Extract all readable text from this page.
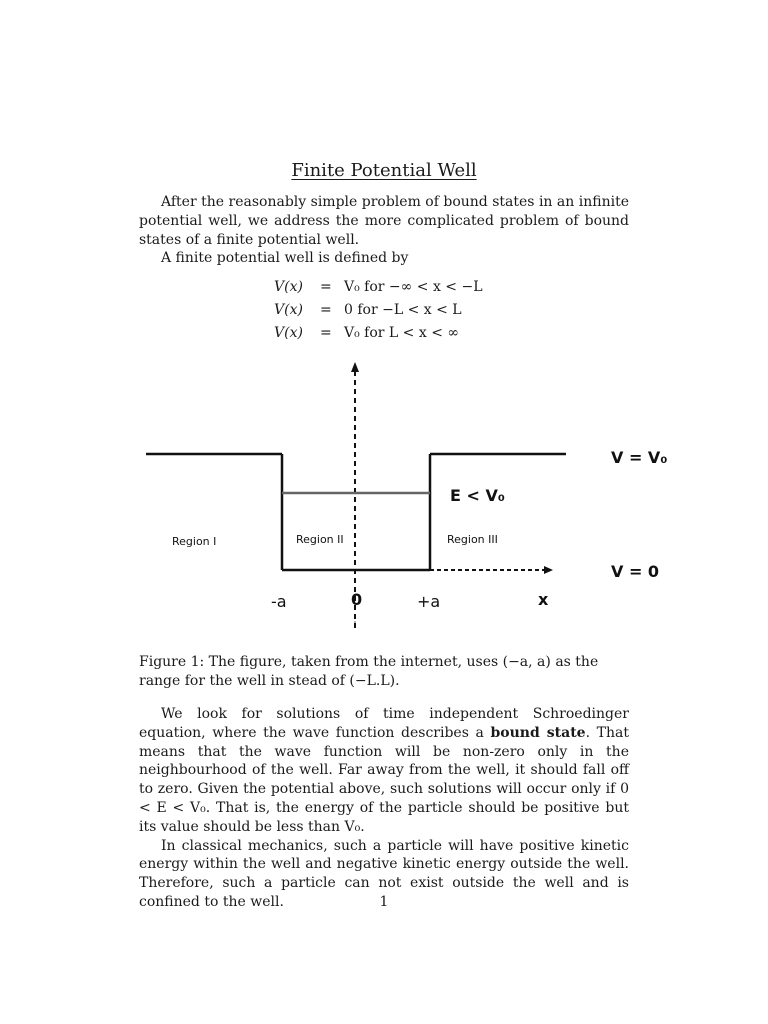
Finite Potential Well

After the reasonably simple problem of bound states in an infinite potential well, we address the more complicated problem of bound states of a finite potential well.

A finite potential well is defined by

V(x) = V₀ for −∞ < x < −L
V(x) = 0 for −L < x < L
V(x) = V₀ for L < x < ∞
V = V₀
E < V₀
V = 0
Region I	Region II	Region III
-a	0	+a	x

Figure 1: The figure, taken from the internet, uses (−a, a) as the range for the well in stead of (−L.L).

We look for solutions of time independent Schroedinger equation, where the wave function describes a bound state. That means that the wave function will be non-zero only in the neighbourhood of the well. Far away from the well, it should fall off to zero. Given the potential above, such solutions will occur only if 0 < E < V₀. That is, the energy of the particle should be positive but its value should be less than V₀.

In classical mechanics, such a particle will have positive kinetic energy within the well and negative kinetic energy outside the well. Therefore, such a particle can not exist outside the well and is confined to the well.	1
